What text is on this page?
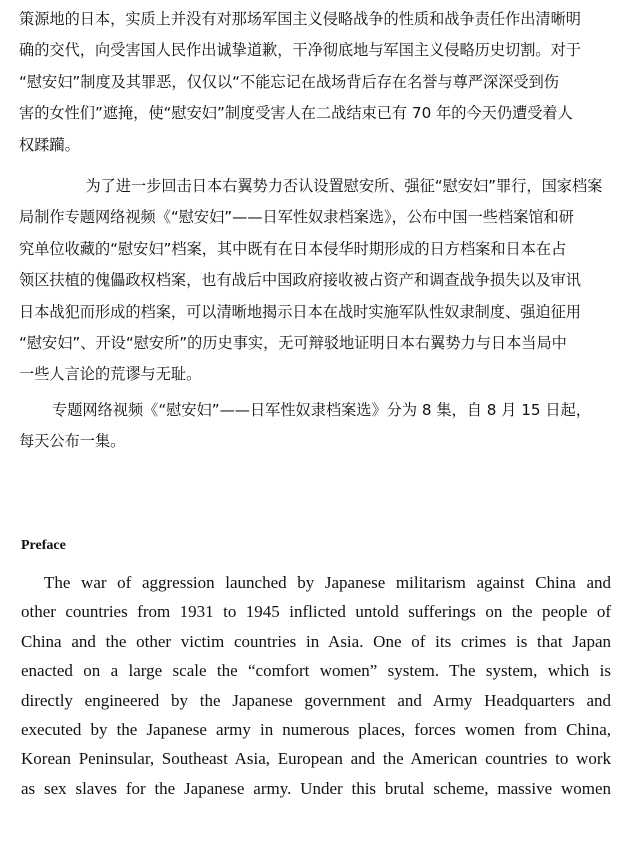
策源地的日本，实质上并没有对那场军国主义侵略战争的性质和战争责任作出清晰明
确的交代，向受害国人民作出诚挚道歉，干净彻底地与军国主义侵略历史切割。对于
“慰安妇”制度及其罪恶，仅仅以“不能忘记在战场背后存在名誉与尊严深深受到伤
害的女性们”遮掩，使“慰安妇”制度受害人在二战结束已有 70 年的今天仍遭受着人
权蹂躏。

为了进一步回击日本右翼势力否认设置慰安所、强征“慰安妇”罪行，国家档案
局制作专题网络视频《“慰安妇”——日军性奴隶档案选》，公布中国一些档案馆和研
究单位收藏的“慰安妇”档案，其中既有在日本侵华时期形成的日方档案和日本在占
领区扶植的傀儡政权档案，也有战后中国政府接收被占资产和调查战争损失以及审讯
日本战犯而形成的档案，可以清晰地揭示日本在战时实施军队性奴隶制度、强迫征用
“慰安妇”、开设“慰安所”的历史事实，无可辩驳地证明日本右翼势力与日本当局中
一些人言论的荒谬与无耻。

专题网络视频《“慰安妇”——日军性奴隶档案选》分为 8 集，自 8 月 15 日起，
每天公布一集。

Preface
The war of aggression launched by Japanese militarism against China and
other countries from 1931 to 1945 inflicted untold sufferings on the people of
China and the other victim countries in Asia. One of its crimes is that Japan
enacted on a large scale the “comfort women” system. The system, which is
directly engineered by the Japanese government and Army Headquarters and
executed by the Japanese army in numerous places, forces women from China,
Korean Peninsular, Southeast Asia, European and the American countries to work
as sex slaves for the Japanese army. Under this brutal scheme, massive women
